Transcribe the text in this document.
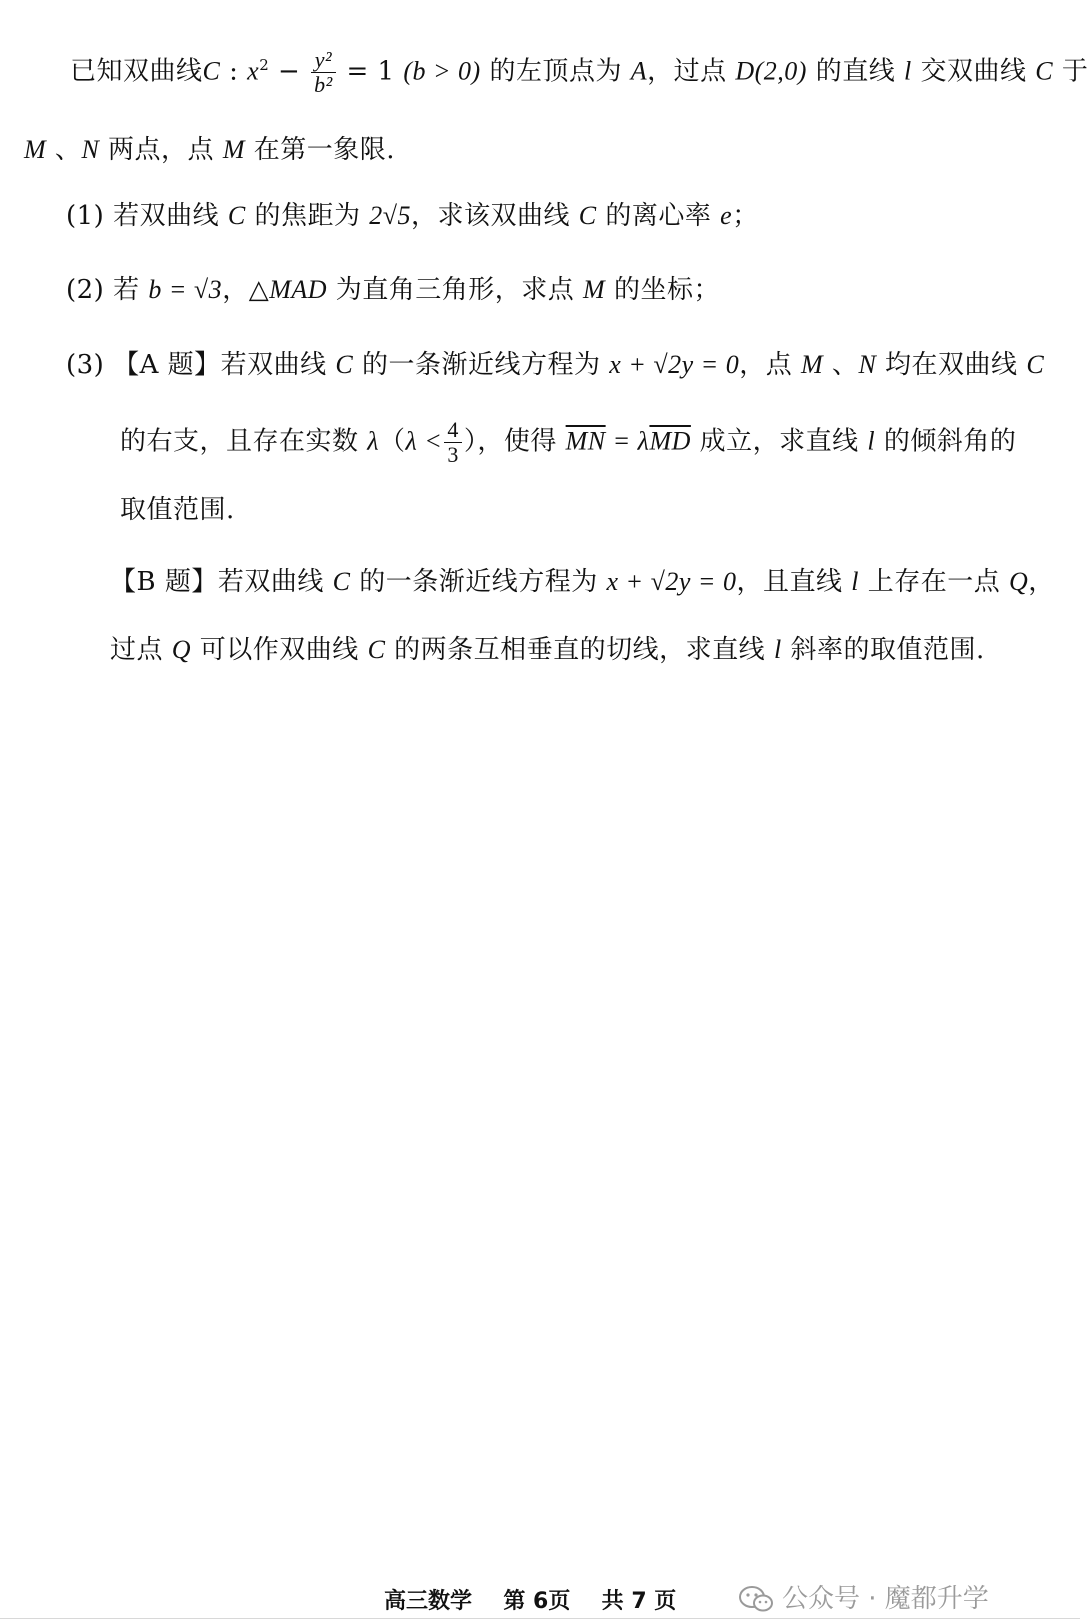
已知双曲线C : $x^2 - \frac{\text{y²}}{\text{b²}} = 1$ (b > 0) 的左顶点为 A，过点 D(2,0) 的直线 l 交双曲线 C 于
M 、N 两点，点 M 在第一象限.
(1) 若双曲线 C 的焦距为 2√5，求该双曲线 C 的离心率 e；
(2) 若 b = √3，△MAD 为直角三角形，求点 M 的坐标；
(3) 【A 题】若双曲线 C 的一条渐近线方程为 x + √2y = 0，点 M 、N 均在双曲线 C
的右支，且存在实数 $\lambda(\lambda < \frac{4}{3}$ ），使得 $\overline{MN} = \lambda\overline{MD}$ 成立，求直线 l 的倾斜角的
取值范围.
【B 题】若双曲线 C 的一条渐近线方程为 x + √2y = 0，且直线 l 上存在一点 Q，
过点 Q 可以作双曲线 C 的两条互相垂直的切线，求直线 l 斜率的取值范围.
高三数学 第 6页 共 7 页	公众号 · 魔都升学
